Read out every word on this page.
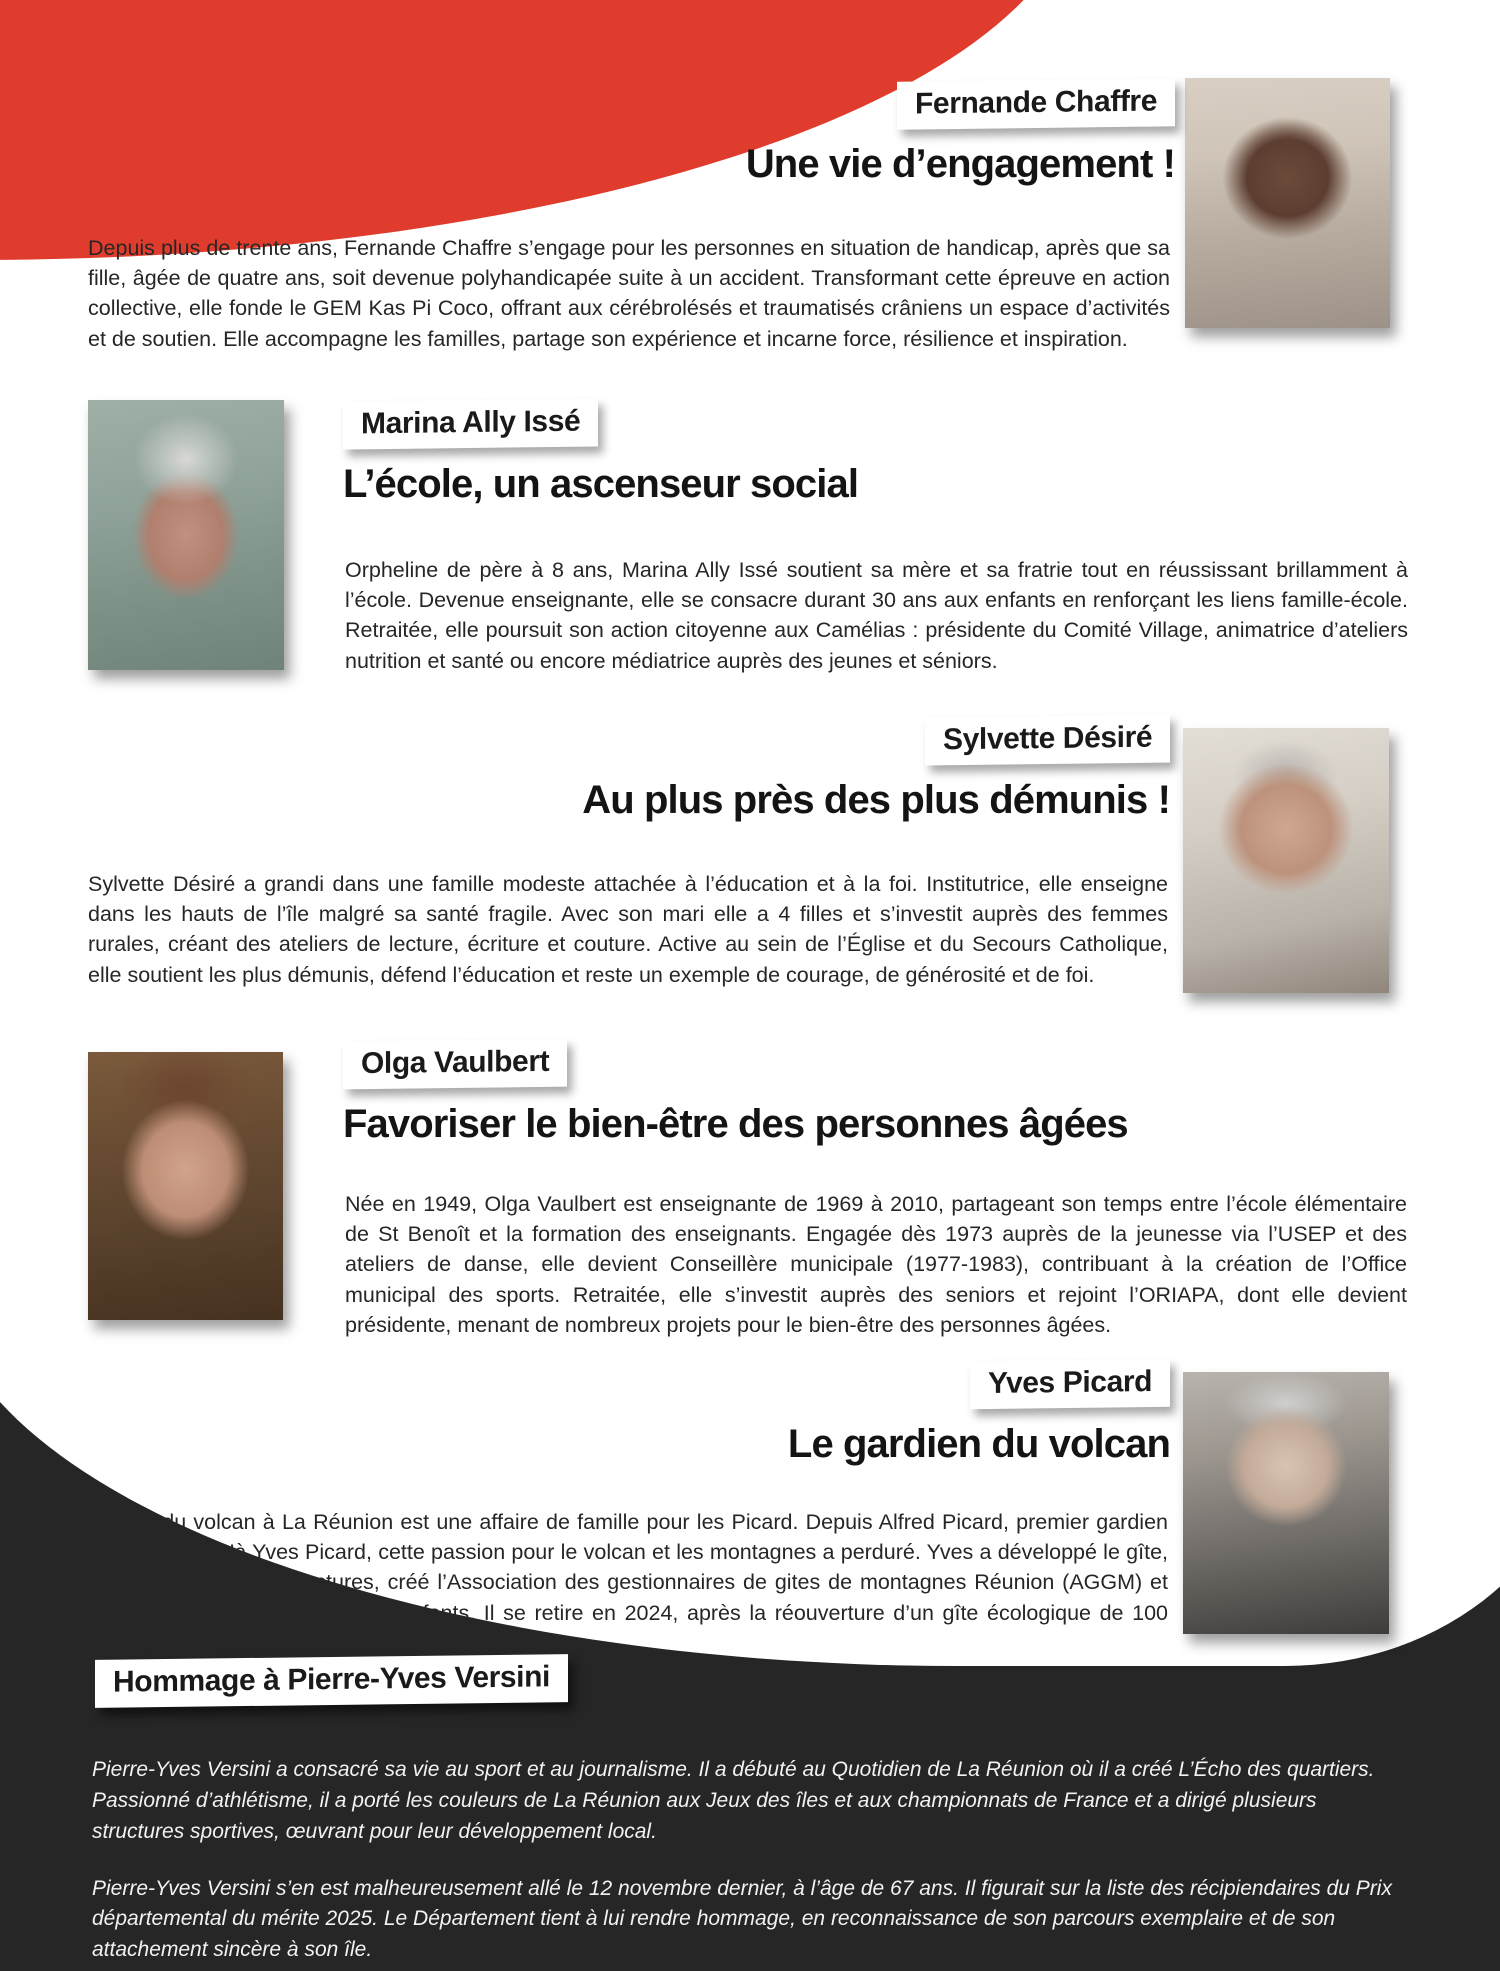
Fernande Chaffre
Une vie d’engagement !
Depuis plus de trente ans, Fernande Chaffre s’engage pour les personnes en situation de handicap, après que sa fille, âgée de quatre ans, soit devenue polyhandicapée suite à un accident. Transformant cette épreuve en action collective, elle fonde le GEM Kas Pi Coco, offrant aux cérébrolésés et traumatisés crâniens un espace d’activités et de soutien. Elle accompagne les familles, partage son expérience et incarne force, résilience et inspiration.
Marina Ally Issé
L’école, un ascenseur social
Orpheline de père à 8 ans, Marina Ally Issé soutient sa mère et sa fratrie tout en réussissant brillamment à l’école. Devenue enseignante, elle se consacre durant 30 ans aux enfants en renforçant les liens famille-école. Retraitée, elle poursuit son action citoyenne aux Camélias : présidente du Comité Village, animatrice d’ateliers nutrition et santé ou encore médiatrice auprès des jeunes et séniors.
Sylvette Désiré
Au plus près des plus démunis !
Sylvette Désiré a grandi dans une famille modeste attachée à l’éducation et à la foi. Institutrice, elle enseigne dans les hauts de l’île malgré sa santé fragile. Avec son mari elle a 4 filles et s’investit auprès des femmes rurales, créant des ateliers de lecture, écriture et couture. Active au sein de l’Église et du Secours Catholique, elle soutient les plus démunis, défend l’éducation et reste un exemple de courage, de générosité et de foi.
Olga Vaulbert
Favoriser le bien-être des personnes âgées
Née en 1949, Olga Vaulbert est enseignante de 1969 à 2010, partageant son temps entre l’école élémentaire de St Benoît et la formation des enseignants. Engagée dès 1973 auprès de la jeunesse via l’USEP et des ateliers de danse, elle devient Conseillère municipale (1977-1983), contribuant à la création de l’Office municipal des sports. Retraitée, elle s’investit auprès des seniors et rejoint l’ORIAPA, dont elle devient présidente, menant de nombreux projets pour le bien-être des personnes âgées.
Yves Picard
Le gardien du volcan
Le gîte du volcan à La Réunion est une affaire de famille pour les Picard. Depuis Alfred Picard, premier gardien en 1948, jusqu’à Yves Picard, cette passion pour le volcan et les montagnes a perduré. Yves a développé le gîte, modernisé ses infrastructures, créé l’Association des gestionnaires de gites de montagnes Réunion (AGGM) et transmis son savoir-faire à ses enfants. Il se retire en 2024, après la réouverture d’un gîte écologique de 100 places.
Hommage à Pierre-Yves Versini

Pierre-Yves Versini a consacré sa vie au sport et au journalisme. Il a débuté au Quotidien de La Réunion où il a créé L’Écho des quartiers. Passionné d’athlétisme, il a porté les couleurs de La Réunion aux Jeux des îles et aux championnats de France et a dirigé plusieurs structures sportives, œuvrant pour leur développement local.

Pierre-Yves Versini s’en est malheureusement allé le 12 novembre dernier, à l’âge de 67 ans. Il figurait sur la liste des récipiendaires du Prix départemental du mérite 2025. Le Département tient à lui rendre hommage, en reconnaissance de son parcours exemplaire et de son attachement sincère à son île.
